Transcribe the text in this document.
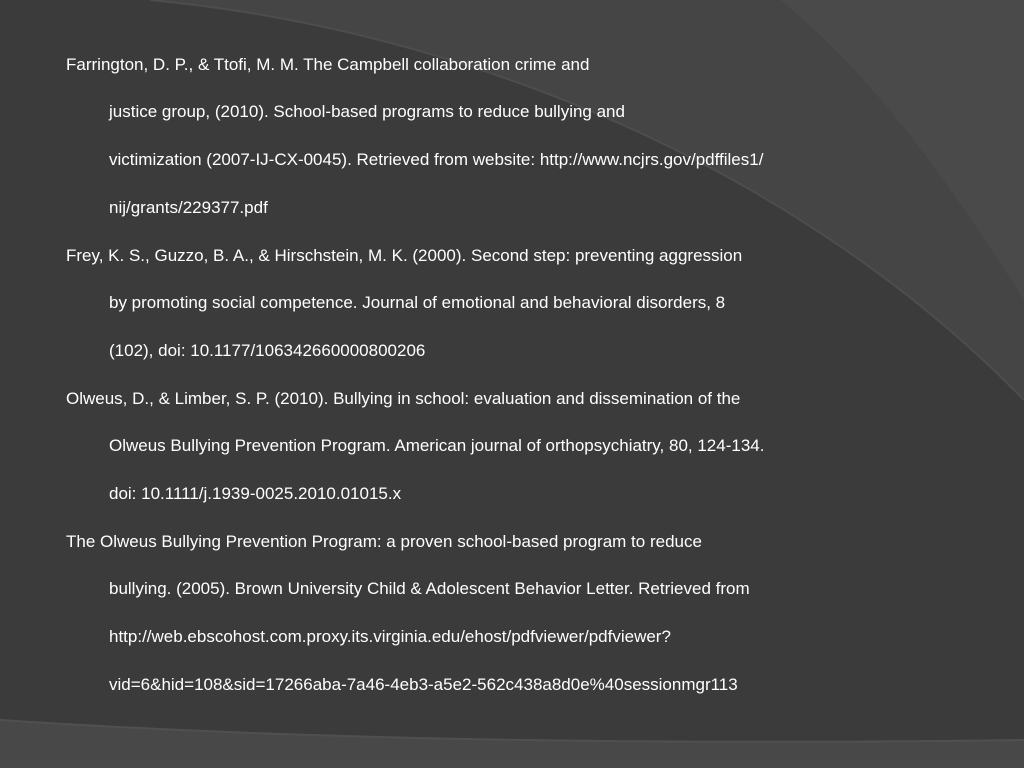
Farrington, D. P., & Ttofi, M. M. The Campbell collaboration crime and
justice group, (2010). School-based programs to reduce bullying and
victimization (2007-IJ-CX-0045). Retrieved from website: http://www.ncjrs.gov/pdffiles1/
nij/grants/229377.pdf
Frey, K. S., Guzzo, B. A., & Hirschstein, M. K. (2000). Second step: preventing aggression
by promoting social competence. Journal of emotional and behavioral disorders, 8
(102), doi: 10.1177/106342660000800206
Olweus, D., & Limber, S. P. (2010). Bullying in school: evaluation and dissemination of the
Olweus Bullying Prevention Program. American journal of orthopsychiatry, 80, 124-134.
doi: 10.1111/j.1939-0025.2010.01015.x
The Olweus Bullying Prevention Program: a proven school-based program to reduce
bullying. (2005). Brown University Child & Adolescent Behavior Letter. Retrieved from
http://web.ebscohost.com.proxy.its.virginia.edu/ehost/pdfviewer/pdfviewer?
vid=6&hid=108&sid=17266aba-7a46-4eb3-a5e2-562c438a8d0e%40sessionmgr113
